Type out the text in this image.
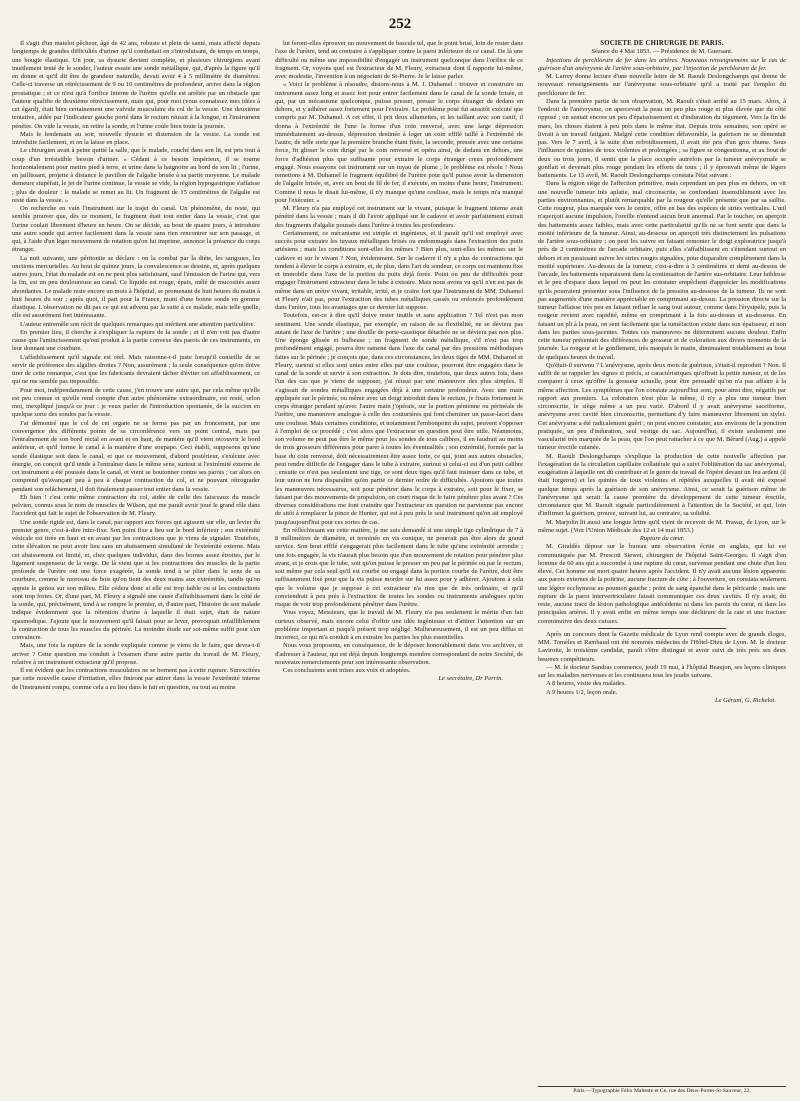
252

Il s'agit d'un matelot pêcheur, âgé de 42 ans, robuste et plein de santé, mais affecté depuis longtemps de grandes difficultés d'uriner qu'il combattait en s'introduisant, de temps en temps, une bougie élastique. Un jour, sa dysurie devient complète, et plusieurs chirurgiens ayant inutilement tenté de le sonder, l'auteur essaie une sonde métallique, qui, d'après la figure qu'il en donne et qu'il dit être de grandeur naturelle, devait avoir 4 à 5 millimètre de diamètres. Celle-ci traverse un rétrécissement de 9 ou 10 centimètres de profondeur, arrive dans la région prostatique ; et ce n'est qu'à l'orifice interne de l'urètre qu'elle est arrêtée par un obstacle que l'auteur qualifie de deuxième rétrécissement, mais qui, pour moi (vous connaissez mes idées à cet égard), était bien certainement une valvule musculaire du col de la vessie. Une deuxième tentative, aidée par l'indicateur gauche porté dans le rectum réussit à la longue, et l'instrument pénètre. On vide la vessie, on retire la sonde, et l'urine coule bien toute la journée.

Mais le lendemain au soir, nouvelle dysurie et distension de la vessie. La sonde est introduite facilement, et on la laisse en place.

Le chirurgien avait à peine quitté la salle, que le malade, couché dans son lit, est pris tout à coup d'un irrésistible besoin d'uriner. « Cédant à ce besoin impérieux, il se tourne horizontalement pour mettre pied à terre, et urine dans la baignoire au bord de son lit ; l'urine, en jaillissant, projette à distance le pavillon de l'algalie brisée à sa partie moyenne. Le malade demeure stupéfait, le jet de l'urine continue, la vessie se vide, la région hypogastrique s'affaisse ; plus de douleur : le malade se remet au lit. Un fragment de 15 centimètres de l'algalie est resté dans la vessie. »

On recherche en vain l'instrument sur le trajet du canal. Un phénomène, du reste, qui semble prouver que, dès ce moment, le fragment était tout entier dans la vessie, c'est que l'urine coulait librement d'heure en heure. On se décide, au bout de quatre jours, à introduire une autre sonde qui arrive facilement dans la vessie sans rien rencontrer sur son passage, et qui, à l'aide d'un léger mouvement de rotation qu'on lui imprime, annonce la présence du corps étranger.

La nuit suivante, une péritonite se déclare : on la combat par la diète, les sangsues, les onctions mercurielles. Au bout de quinze jours, la convalescence se dessine, et, après quelques autres jours, l'état du malade est on ne peut plus satisfaisant, sauf l'émission de l'urine qui, vers la fin, est un peu douloureuse au canal. Ce liquide est rouge, épais, mêlé de mucosités assez abondantes. Le malade reste encore un mois à l'hôpital, se promenant de huit heures du matin à huit heures du soir ; après quoi, il part pour la France, muni d'une bonne sonde en gomme élastique. L'observation ne dit pas ce qui est advenu par la suite à ce malade, mais telle quelle, elle est assurément fort intéressante.

L'auteur entremêle son récit de quelques remarques qui méritent une attention particulière.

En premier lieu, il cherche à s'expliquer la rupture de la sonde ; et il n'en voit pas d'autre cause que l'amincissement qu'ont produit à la partie convexe des parois de ces instruments, en leur donnant une courbure.

L'affaiblissement qu'il signale est réel. Mais raisonne-t-il juste lorsqu'il conseille de se servir de préférence des algalies droites ? Non, assurément ; la seule conséquence qu'on doive tirer de cette remarque, c'est que les fabricants devraient tâcher d'éviter cet affaiblissement, ce qui ne me semble pas impossible.

Pour moi, indépendamment de cette cause, j'en trouve une autre qui, par cela même qu'elle est peu connue et qu'elle rend compte d'un autre phénomène extraordinaire, est resté, selon moi, inexpliqué jusqu'à ce jour : je veux parler de l'introduction spontanée, de la succion en quelque sorte des sondes par la vessie.

J'ai démontré que le col de cet organe ne se ferme pas par un froncement, par une convergence des différents points de sa circonférence vers un point central, mais par l'entraînement de son bord rectal en avant et en haut, de manière qu'il vient recouvrir le bord antérieur, et qu'il forme le canal à la manière d'une soupape. Ceci établi, supposons qu'une sonde élastique soit dans le canal, et que ce mouvement, d'abord postérieur, s'exécute avec énergie, on conçoit qu'il tende à l'entraîner dans le même sens, surtout si l'extrémité externe de cet instrument a été poussée dans le canal, et vient se boutonner contre ses parois ; car alors on comprend qu'avançant peu à peu à chaque contraction du col, et ne pouvant rétrograder pendant son relâchement, il doit finalement passer tout entier dans la vessie.

Eh bien ! c'est cette même contraction du col, aidée de celle des faisceaux du muscle pelvien, connus sous le nom de muscles de Wilson, qui me paraît avoir joué le grand rôle dans l'accident qui fait le sujet de l'observation de M. Fleury.

Une sonde rigide est, dans le canal, par rapport aux forces qui agissent sur elle, un levier du premier genre, c'est-à-dire inter-fixe. Son point fixe a lieu sur le bord inférieur ; son extrémité vésicale est tirée en haut et en avant par les contractions que je viens de signaler. Toutefois, cette élévation ne peut avoir lieu sans un abaissement simultané de l'extrémité externe. Mais cet abaissement est limité, et, chez quelques individus, dans des bornes assez étroites, par le ligament suspenseur de la verge. De là vient que si les contractions des muscles de la partie profonde de l'urètre ont une force exagérée, la sonde tend à se plier dans le sens de sa courbure, comme le morceau de bois qu'on tient des deux mains aux extrémités, tandis qu'on appuie le genou sur son milieu. Elle cédera donc si elle est trop faible ou si les contractions sont trop fortes. Or, d'une part, M. Fleury a signalé une cause d'affaiblissement dans le côté de la sonde, qui, précisément, tend à se rompre le premier, et, d'autre part, l'histoire de son malade indique évidemment que la rétention d'urine à laquelle il était sujet, était de nature spasmodique. J'ajoute que le mouvement qu'il faisait pour se lever, provoquait infailliblement la contraction de tous les muscles du périnée. La moindre étude sur soi-même suffit pour s'en convaincre.

Mais, une fois la rupture de la sonde expliquée comme je viens de le faire, que devra-t-il arriver ? Cette question me conduit à l'examen d'une autre partie du travail de M. Fleury, relative à un instrument extracteur qu'il propose.

Il est évident que les contractions musculaires ne se bornent pas à cette rupture. Surexcitées par cette nouvelle cause d'irritation, elles finiront par attirer dans la vessie l'extrémité interne de l'instrument rompu, comme cela a eu lieu dans le fait en question, ou tout au moins

lui feront-elles éprouver un mouvement de bascule tel, que le point brisé, loin de rester dans l'axe de l'urètre, tend au contraire à s'appliquer contre la paroi inférieure de ce canal. De là une difficulté ou même une impossibilité d'engager un instrument quelconque dans l'orifice de ce fragment. Or, voyons quel est l'extracteur de M. Fleury, extracteur dont il rapporte lui-même, avec modestie, l'invention à un négociant de St-Pierre. Je le laisse parler.

« Voici le problème à résoudre, disions-nous à M. J. Duhamel : trouver et construire un instrument assez long et assez fort pour entrer facilement dans le canal de la sonde brisée, et qui, par un mécanisme quelconque, puisse presser, presser le corps étranger de dedans en dehors, et y adhérer assez fortement pour l'extraire. Le problème posé fut aussitôt exécuté que compris par M. Duhamel. A cet effet, il prit deux allumettes, et les taillant avec son canif, il donna à l'extrémité de l'une la forme d'un coin renversé, avec une large dépression immédiatement au-dessus, dépression destinée à loger un coin effilé taillé à l'extrémité de l'autre, de telle sorte que la première branche étant fixée, la seconde, pressée avec une certaine force, fit glisser le coin dirigé par le coin renversé et opéra ainsi, de dedans en dehors, une force d'adhésion plus que suffisante pour extraire le corps étranger creux profondément engagé. Nous essayons cet instrument sur un tuyau de plume ; le problème est résolu ! Nous remettons à M. Duhamel le fragment équilibré de l'urètre pour qu'il puisse avoir la dimension de l'algalie brisée, et, avec un bout de fil de fer, il exécute, en moins d'une heure, l'instrument. Comme il nous le disait lui-même, il n'y manque qu'une coulisse, mais le temps m'a manqué pour l'exécuter. »

M. Fleury n'a pas employé cet instrument sur le vivant, puisque le fragment interne avait pénétré dans la vessie ; mais il dit l'avoir appliqué sur le cadavre et avoir parfaitement extrait des fragments d'algalie poussés dans l'urètre à toutes les profondeurs.

Certainement, ce mécanisme est simple et ingénieux, et il paraît qu'il est employé avec succès pour extraire les tuyaux métalliques brisés ou endommagés dans l'extraction des puits artésiens ; mais les conditions sont-elles les mêmes ? Bien plus, sont-elles les mêmes sur le cadavre et sur le vivant ? Non, évidemment. Sur le cadavre il n'y a plus de contractions qui tendent à élever le corps à extraire, et, de plus, dans l'art du sondeur, ce corps est maintenu fixe et immobile dans l'axe de la portion du puits déjà forée. Point ou peu de difficultés pour engager l'instrument extracteur dans le tube à extraire. Mais nous avons vu qu'il n'en est pas de même dans un urètre vivant, irritable, irrité, et je crains fort que l'instrument de MM. Duhamel et Fleury n'ait pas, pour l'extraction des tubes métalliques cassés ou enfoncés profondément dans l'urètre, tous les avantages que ce dernier lui suppose.

Toutefois, est-ce à dire qu'il doive rester inutile et sans application ? Tel n'est pas mon sentiment. Une sonde élastique, par exemple, en raison de sa flexibilité, ne se déviera pas autant de l'axe de l'urètre ; une douille de porte-caustique détachée ne se déviera pas non plus. Une éponge glissée et bulbeuse ; un fragment de sonde métallique, s'il n'est pas trop profondément engagé, pourra être ramené dans l'axe du canal par des pressions méthodiques faites sur le périnée ; je conçois que, dans ces circonstances, les deux tiges de MM. Duhamel et Fleury, surtout si elles sont unies entre elles par une coulisse, pourront être engagées dans le canal de la sonde et servir à son extraction. Je dois dire, toutefois, que deux autres fois, dans l'un des cas que je viens de supposer, j'ai réussi par une manœuvre des plus simples. Il s'agissait de sondes métalliques engagées déjà à une certaine profondeur. Avec une main appliquée sur le périnée, ou même avec un doigt introduit dans le rectum, je fixais fortement le corps étranger pendant qu'avec l'autre main j'opérais, sur la portion pénienne ou périnéale de l'urètre, une manœuvre analogue à celle des couturières qui font cheminer un passe-lacet dans une coulisse. Mais certaines conditions, et notamment l'embonpoint du sujet, peuvent s'opposer à l'emploi de ce procédé ; c'est alors que l'extracteur en question peut être utile. Néanmoins, son volume ne peut pas être le même pour les sondes de tous calibres, il en faudrait au moins de trois grosseurs différentes pour parer à toutes les éventualités ; son extrémité, formée par la base du coin renversé, doit nécessairement être assez forte, ce qui, joint aux autres obstacles, peut rendre difficile de l'engager dans le tube à extraire, surtout si celui-ci est d'un petit calibre ; ensuite ce n'est pas seulement une tige, ce sont deux tiges qu'il faut insinuer dans ce tube, et leur union ne fera disparaître qu'en partie ce dernier ordre de difficultés. Ajoutons que toutes les manœuvres nécessaires, soit pour pénétrer dans le corps à extraire, soit pour le fixer, se faisant par des mouvements de propulsion, on court risque de le faire pénétrer plus avant ? Ces diverses considérations me font craindre que l'extracteur en question ne parvienne pas encore de sitôt à remplacer la pince de Hunter, qui est à peu près le seul instrument qu'on ait employé jusqu'aujourd'hui pour ces sortes de cas.

En réfléchissant sur cette matière, je me suis demandé si une simple tige cylindrique de 7 à 8 millimètres de diamètre, et terminée en vis conique, ne pourrait pas être alors de grand service. Son bout effilé s'engagerait plus facilement dans le tube qu'une extrémité arrondie ; une fois engagée, la vis n'aurait plus besoin que d'un mouvement de rotation pour pénétrer plus avant, et je crois que le tube, soit qu'on puisse le presser un peu par le périnée ou par le rectum, soit même par cela seul qu'il est courbé ou engagé dans la portion courbe de l'urètre, doit être suffisamment fixé pour que la vis puisse mordre sur lui assez pour y adhérer. Ajoutons à cela que le volume que je suppose à cet extracteur n'a rien que de très ordinaire, et qu'il conviendrait à peu près à l'extraction de toutes les sondes ou instruments analogues qu'on risque de voir trop profondément pénétrer dans l'urètre.

Vous voyez, Messieurs, que le travail de M. Fleury n'a pas seulement le mérite d'un fait curieux observé, mais encore celui d'offrir une idée ingénieuse et d'attirer l'attention sur un problème important et jusqu'à présent trop négligé. Malheureusement, il est un peu diffus et incorrect, ce qui m'a conduit à en extraire les parties les plus essentielles.

Nous vous proposons, en conséquence, de le déposer honorablement dans vos archives, et d'adresser à l'auteur, qui est déjà depuis longtemps membre correspondant de notre Société, de nouveaux remerciements pour son intéressante observation.

Ces conclusions sont mises aux voix et adoptées.

Le secrétaire, Dr Perrin.

SOCIÉTÉ DE CHIRURGIE DE PARIS.

Séance du 4 Mai 1853. — Présidence de M. Guersant.

Injections de perchlorure de fer dans les artères. Nouveaux renseignemens sur le cas de guérison d'un anévrysme de l'artère sous-orbitaire, par l'injection de perchlorure de fer.

M. Larrey donne lecture d'une nouvelle lettre de M. Raoult Deslongchamps qui donne de nouveaux renseignements sur l'anévrysme sous-orbitaire qu'il a traité par l'emploi du perchlorure de fer.

Dans la première partie de son observation, M. Raoult s'était arrêté au 15 mars. Alors, à l'endroit de l'anévrysme, on apercevait la peau un peu plus rouge et plus élevée que du côté opposé ; on sentait encore un peu d'épaississement et d'induration du tégument. Vers la fin de mars, les choses étaient à peu près dans le même état. Depuis trois semaines, son opéré se livrait à un travail fatigant. Malgré cette condition défavorable, la guérison ne se démentait pas. Vers le 7 avril, à la suite d'un refroidissement, il avait été pris d'un gros rhume. Sous l'influence de quintes de toux violentes et prolongées ; sa figure se congestionna, et au bout de deux ou trois jours, il sentit que la place occupée autrefois par la tumeur anévrysmale se gonflait et devenait plus rouge pendant les efforts de toux ; il y éprouvait même de légers battements. Le 15 avril, M. Raoult Deslongchamps constata l'état suivant :

Dans la région siège de l'affection primitive, mais cependant un peu plus en dehors, on vit une nouvelle tumeur très aplatie, mal circonscrite, se confondant insensiblement avec les parties environnantes, et plutôt remarquable par la rougeur qu'elle présente que par sa saillie. Cette rougeur, plus marquée vers le centre, offre en bas des espèces de stries verticales. L'œil n'aperçoit aucune impulsion, l'oreille n'entend aucun bruit anormal. Par le toucher, on aperçoit des battements assez faibles, mais avec cette particularité qu'ils ne se font sentir que dans la moitié inférieure de la tumeur. Ainsi, au-dessous on aperçoit très distinctement les pulsations de l'artère sous-orbitaire ; on peut les suivre en faisant remonter le doigt exploratrice jusqu'à près de 2 centimètres de l'arcade orbitaire, puis elles s'affaiblissent en s'étendant surtout en dehors et en paraissant suivre les stries rouges signalées, pour disparaître complètement dans la moitié supérieure. Au-dessus de la tumeur, c'est-à-dire à 3 centimètres et demi au-dessus de l'arcade, les battements reparaissent dans la continuation de l'artère sus-orbitaire. Leur faiblesse et le peu d'espace dans lequel on peut les constater empêchent d'apprécier les modifications qu'ils pourraient présenter sous l'influence de la pression au-dessous de la tumeur. Ils ne sont pas augmentés d'une manière appréciable en comprimant au-dessus. La pression directe sur la tumeur l'affaisse très peu en faisant refluer le sang tout autour, comme dans l'érysipèle, puis la rougeur revient avec rapidité, même en comprimant à la fois au-dessus et au-dessous. En faisant un pli à la peau, on sent facilement que la tuméfaction existe dans son épaisseur, et non dans les parties sous-jacentes. Toutes ces manœuvres ne déterminent aucune douleur. Enfin cette tumeur présentait des différences de grosseur et de coloration aux divers moments de la journée. La rougeur et le gonflement, très marqués le matin, diminuaient notablement au bout de quelques heures de travail.

Qu'était-il survenu ? L'anévrysme, après deux mois de guérison, s'était-il reproduit ? Non. Il suffit de se rappeler les signes si précis, si caractéristiques qu'offrait la petite tumeur, et de les comparer à ceux qu'offre la grosseur actuelle, pour être persuadé qu'on n'a pas affaire à la même affection. Les symptômes que l'on constate aujourd'hui sont, pour ainsi dire, négatifs par rapport aux premiers. La coloration n'est plus la même, il n'y a plus une tumeur bien circonscrite, le siège même a un peu varié. D'abord il y avait anévrysme sacciforme, anévrysme avec cavité bien circonscrite, permettant d'y faire manœuvrer librement un stylet. Cet anévrysme a été radicalement guéri ; on peut encore constater, aux environs de la ponction pratiquée, un peu d'induration, seul vestige du sac. Aujourd'hui, il existe seulement une vascularité très marquée de la peau, que l'on peut rattacher à ce que M. Bérard (Aug.) a appelé tumeur érectile cutanée.

M. Raoult Deslongchamps s'explique la production de cette nouvelle affection par l'exagération de la circulation capillaire collatérale qui a suivi l'oblitération du sac anévrysmal, exagération à laquelle ont dû contribuer et le genre de travail de l'opéré devant un feu ardent (il était forgeron) et les quintes de toux violentes et répétées auxquelles il avait été exposé quelque temps après la guérison de son anévrysme. Ainsi, ce serait la guérison même de l'anévrysme qui serait la cause première du développement de cette tumeur érectile, circonstance que M. Raoult signale particulièrement à l'attention de la Société, et qui, loin d'infirmer la guérison, prouve, suivant lui, au contraire, sa solidité.

M. Marjolin lit aussi une longue lettre qu'il vient de recevoir de M. Pravaz, de Lyon, sur le même sujet. (Voir l'Union Médicale des 12 et 14 mai 1853.)

Rupture du cœur.

M. Giraldès dépose sur le bureau une observation écrite en anglais, qui lui est communiquée par M. Prescott Stewet, chirurgien de l'hôpital Saint-Georges. Il s'agit d'un homme de 60 ans qui a succombé à une rupture du cœur, survenue pendant une chute d'un lieu élevé. Cet homme est mort quatre heures après l'accident. Il n'y avait aucune lésion apparente aux parois externes de la poitrine, aucune fracture de côte ; à l'ouverture, on constata seulement une légère ecchymose au poumon gauche ; point de sang épanché dans le péricarde ; mais une rupture de la paroi intervertriculaire faisait communiquer ces deux cavités. Il n'y avait, du reste, aucune trace de lésion pathologique antécédente ni dans les parois du cœur, ni dans les principales artères. Il y avait enfin en même temps une déchirure de la rate et une fracture comminutive des deux cuisses.

Après un concours dont la Gazette médicale de Lyon rend compte avec de grands éloges, MM. Tomèles et Rambaud ont été nommés médecins de l'Hôtel-Dieu de Lyon. M. le docteur Lavirotte, le troisième candidat, paraît s'être distingué et avoir suivi de très près ses deux heureux compétiteurs.

— M. le docteur Sandras commence, jeudi 19 mai, à l'hôpital Beaujon, ses leçons cliniques sur les maladies nerveuses et les continuera tous les jeudis suivans.

A 8 heures, visite des malades.

A 9 heures 1/2, leçon orale.

Le Gérant, G. Richelot.

Paris.—Typographie Félix Malteste et Ce, rue des Deux-Portes-St-Sauveur, 22.
